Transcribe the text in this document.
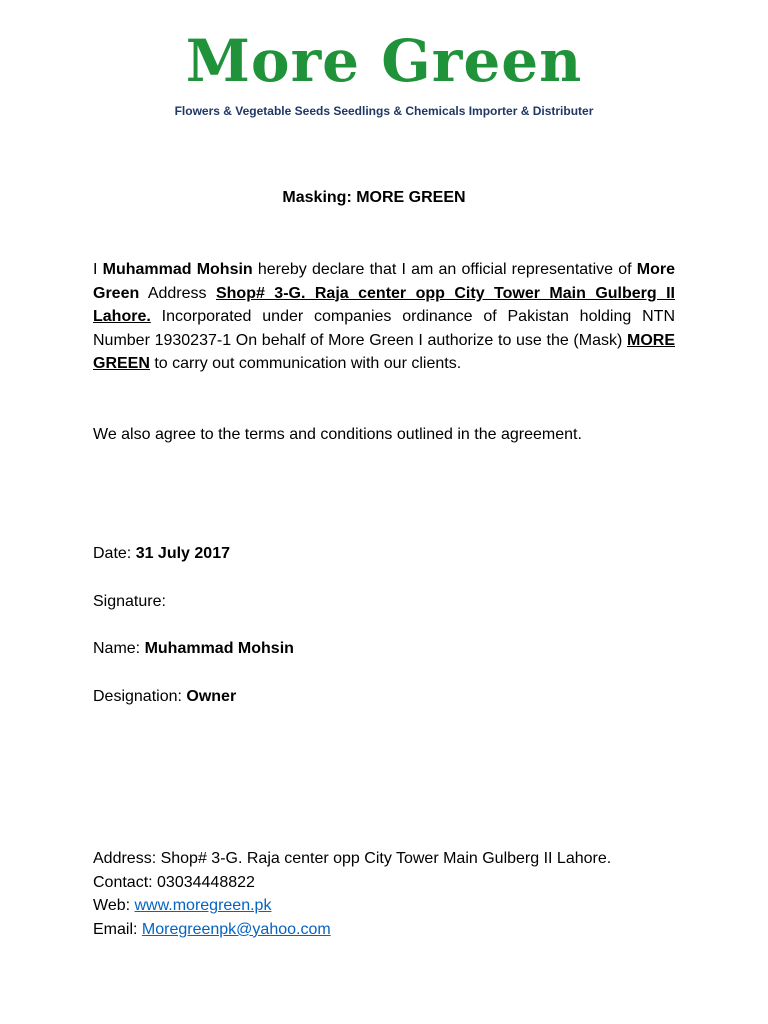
More Green
Flowers & Vegetable Seeds Seedlings & Chemicals Importer & Distributer
Masking: MORE GREEN
I Muhammad Mohsin hereby declare that I am an official representative of More Green Address Shop# 3-G. Raja center opp City Tower Main Gulberg II Lahore. Incorporated under companies ordinance of Pakistan holding NTN Number 1930237-1 On behalf of More Green I authorize to use the (Mask) MORE GREEN to carry out communication with our clients.
We also agree to the terms and conditions outlined in the agreement.
Date: 31 July 2017
Signature:
Name: Muhammad Mohsin
Designation: Owner
Address: Shop# 3-G. Raja center opp City Tower Main Gulberg II Lahore.
Contact: 03034448822
Web: www.moregreen.pk
Email: Moregreenpk@yahoo.com
